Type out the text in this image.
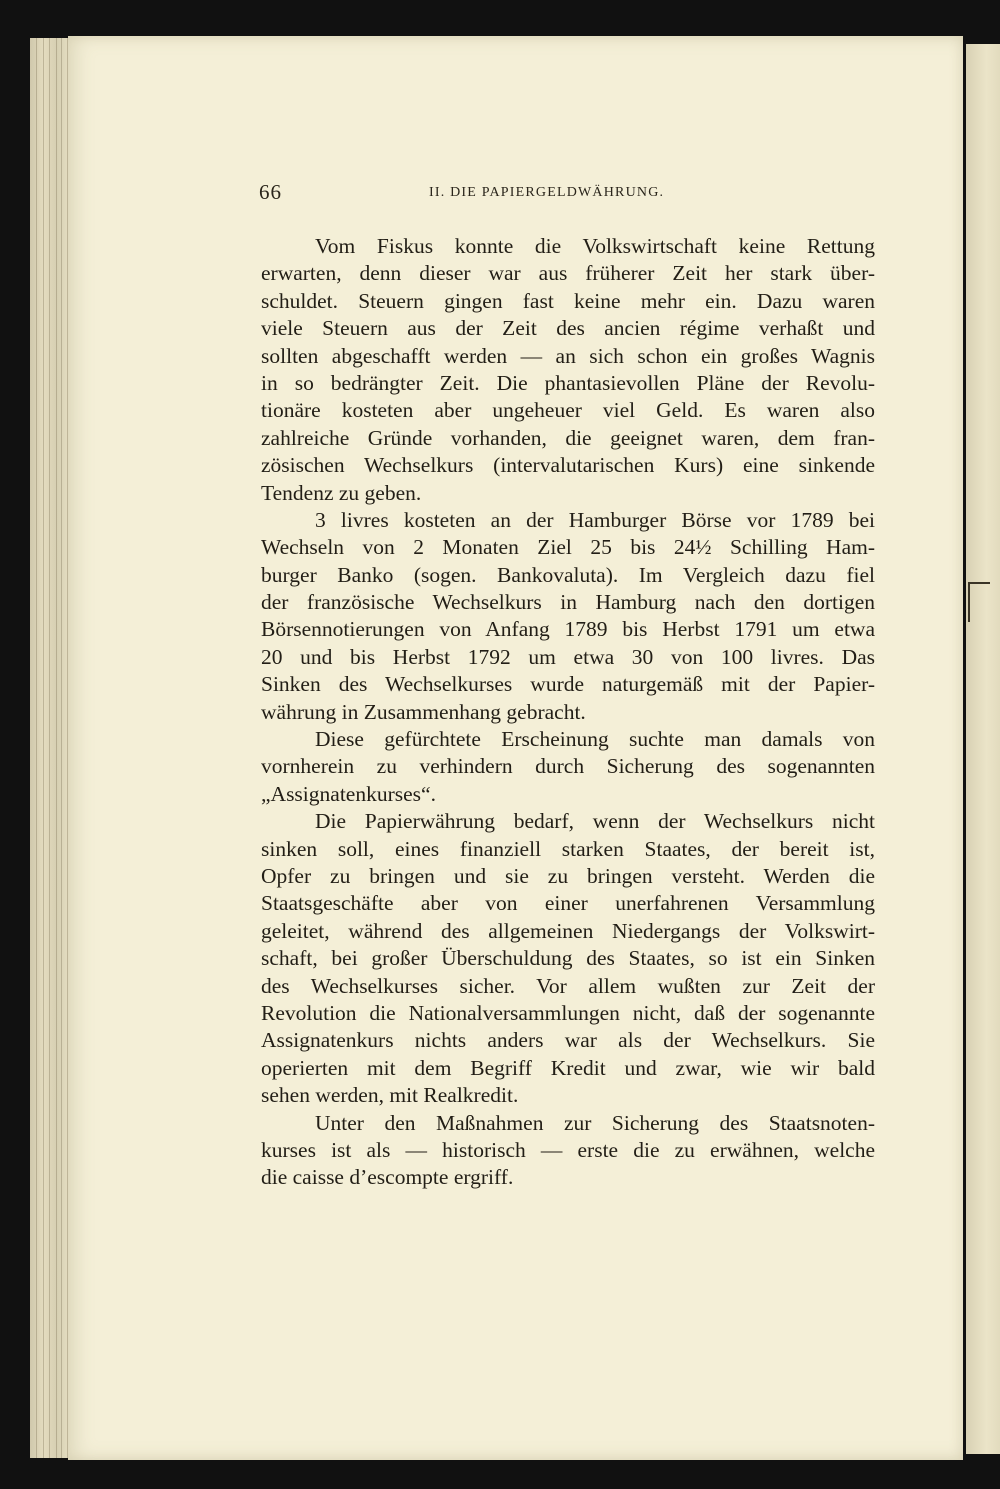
66	II. DIE PAPIERGELDWÄHRUNG.
Vom Fiskus konnte die Volkswirtschaft keine Rettung
erwarten, denn dieser war aus früherer Zeit her stark über-
schuldet. Steuern gingen fast keine mehr ein. Dazu waren
viele Steuern aus der Zeit des ancien régime verhaßt und
sollten abgeschafft werden — an sich schon ein großes Wagnis
in so bedrängter Zeit. Die phantasievollen Pläne der Revolu-
tionäre kosteten aber ungeheuer viel Geld. Es waren also
zahlreiche Gründe vorhanden, die geeignet waren, dem fran-
zösischen Wechselkurs (intervalutarischen Kurs) eine sinkende
Tendenz zu geben.
3 livres kosteten an der Hamburger Börse vor 1789 bei
Wechseln von 2 Monaten Ziel 25 bis 24½ Schilling Ham-
burger Banko (sogen. Bankovaluta). Im Vergleich dazu fiel
der französische Wechselkurs in Hamburg nach den dortigen
Börsennotierungen von Anfang 1789 bis Herbst 1791 um etwa
20 und bis Herbst 1792 um etwa 30 von 100 livres. Das
Sinken des Wechselkurses wurde naturgemäß mit der Papier-
währung in Zusammenhang gebracht.
Diese gefürchtete Erscheinung suchte man damals von
vornherein zu verhindern durch Sicherung des sogenannten
„Assignatenkurses“.
Die Papierwährung bedarf, wenn der Wechselkurs nicht
sinken soll, eines finanziell starken Staates, der bereit ist,
Opfer zu bringen und sie zu bringen versteht. Werden die
Staatsgeschäfte aber von einer unerfahrenen Versammlung
geleitet, während des allgemeinen Niedergangs der Volkswirt-
schaft, bei großer Überschuldung des Staates, so ist ein Sinken
des Wechselkurses sicher. Vor allem wußten zur Zeit der
Revolution die Nationalversammlungen nicht, daß der sogenannte
Assignatenkurs nichts anders war als der Wechselkurs. Sie
operierten mit dem Begriff Kredit und zwar, wie wir bald
sehen werden, mit Realkredit.
Unter den Maßnahmen zur Sicherung des Staatsnoten-
kurses ist als — historisch — erste die zu erwähnen, welche
die caisse d’escompte ergriff.
